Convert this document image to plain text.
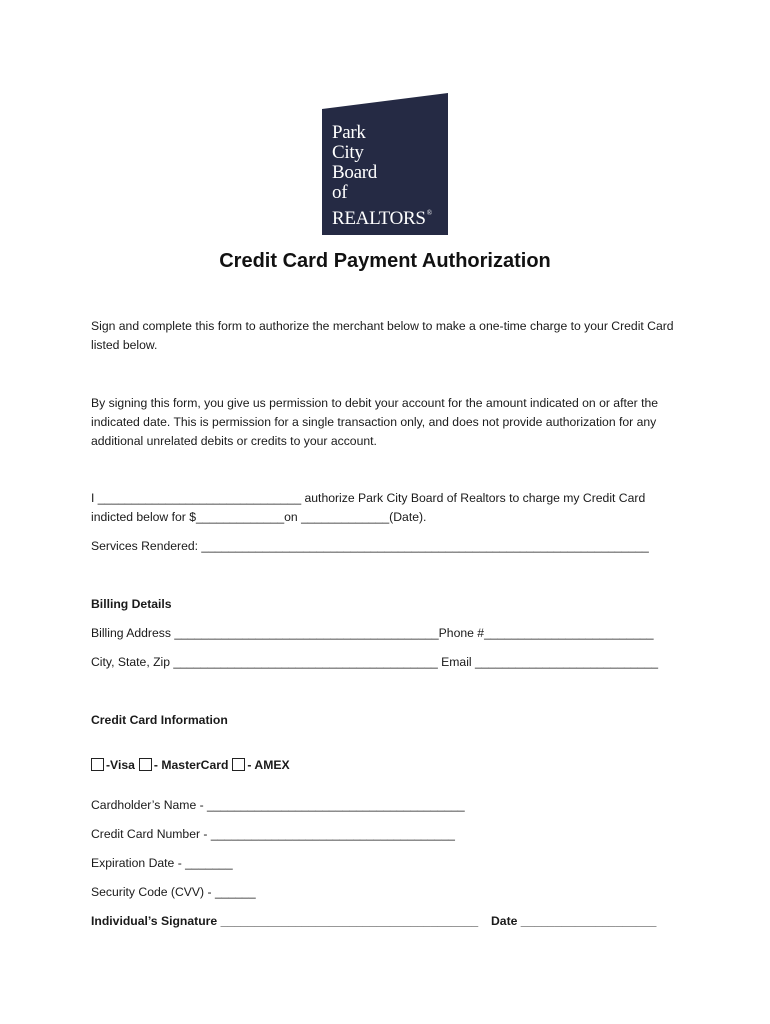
Park
City
Board
of
REALTORS®
Credit Card Payment Authorization
Sign and complete this form to authorize the merchant below to make a one-time charge to your Credit Card listed below.
By signing this form, you give us permission to debit your account for the amount indicated on or after the indicated date. This is permission for a single transaction only, and does not provide authorization for any additional unrelated debits or credits to your account.
I ______________________________ authorize Park City Board of Realtors to charge my Credit Card
indicted below for $_____________on _____________(Date).
Services Rendered: __________________________________________________________________
Billing Details
Billing Address _______________________________________Phone #_________________________
City, State, Zip _______________________________________ Email ___________________________
Credit Card Information
-Visa - MasterCard - AMEX
Cardholder’s Name - ______________________________________
Credit Card Number - ____________________________________
Expiration Date - _______
Security Code (CVV) - ______
Individual’s Signature ______________________________________ Date ____________________
